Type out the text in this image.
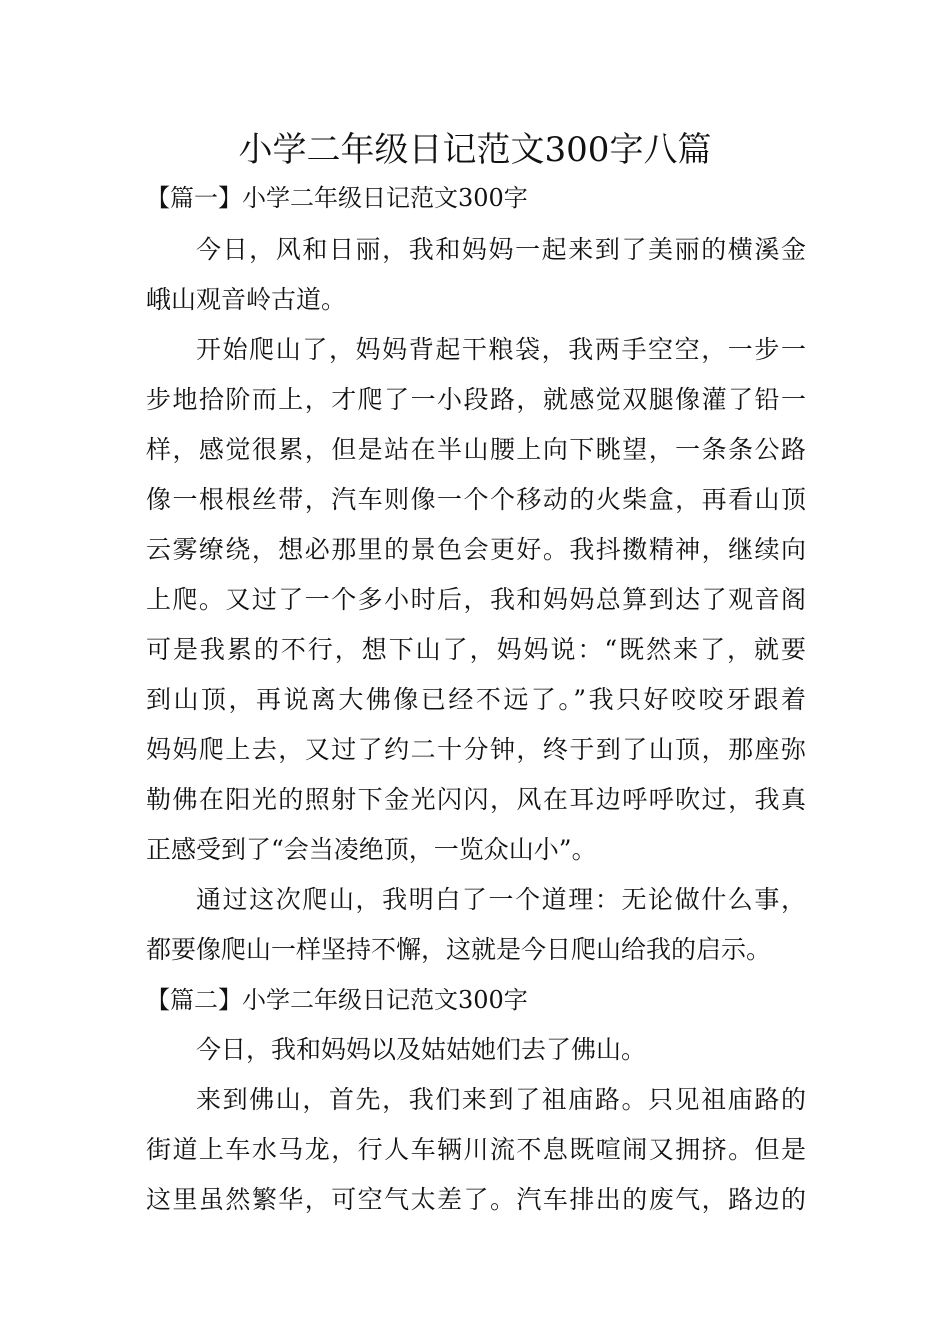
小学二年级日记范文300字八篇
【篇一】小学二年级日记范文300字
今日，风和日丽，我和妈妈一起来到了美丽的横溪金
峨山观音岭古道。
开始爬山了，妈妈背起干粮袋，我两手空空，一步一
步地拾阶而上，才爬了一小段路，就感觉双腿像灌了铅一
样，感觉很累，但是站在半山腰上向下眺望，一条条公路
像一根根丝带，汽车则像一个个移动的火柴盒，再看山顶
云雾缭绕，想必那里的景色会更好。我抖擞精神，继续向
上爬。又过了一个多小时后，我和妈妈总算到达了观音阁
可是我累的不行，想下山了，妈妈说：“既然来了，就要
到山顶，再说离大佛像已经不远了。”我只好咬咬牙跟着
妈妈爬上去，又过了约二十分钟，终于到了山顶，那座弥
勒佛在阳光的照射下金光闪闪，风在耳边呼呼吹过，我真
正感受到了“会当凌绝顶，一览众山小”。
通过这次爬山，我明白了一个道理：无论做什么事，
都要像爬山一样坚持不懈，这就是今日爬山给我的启示。
【篇二】小学二年级日记范文300字
今日，我和妈妈以及姑姑她们去了佛山。
来到佛山，首先，我们来到了祖庙路。只见祖庙路的
街道上车水马龙，行人车辆川流不息既喧闹又拥挤。但是
这里虽然繁华，可空气太差了。汽车排出的废气，路边的
